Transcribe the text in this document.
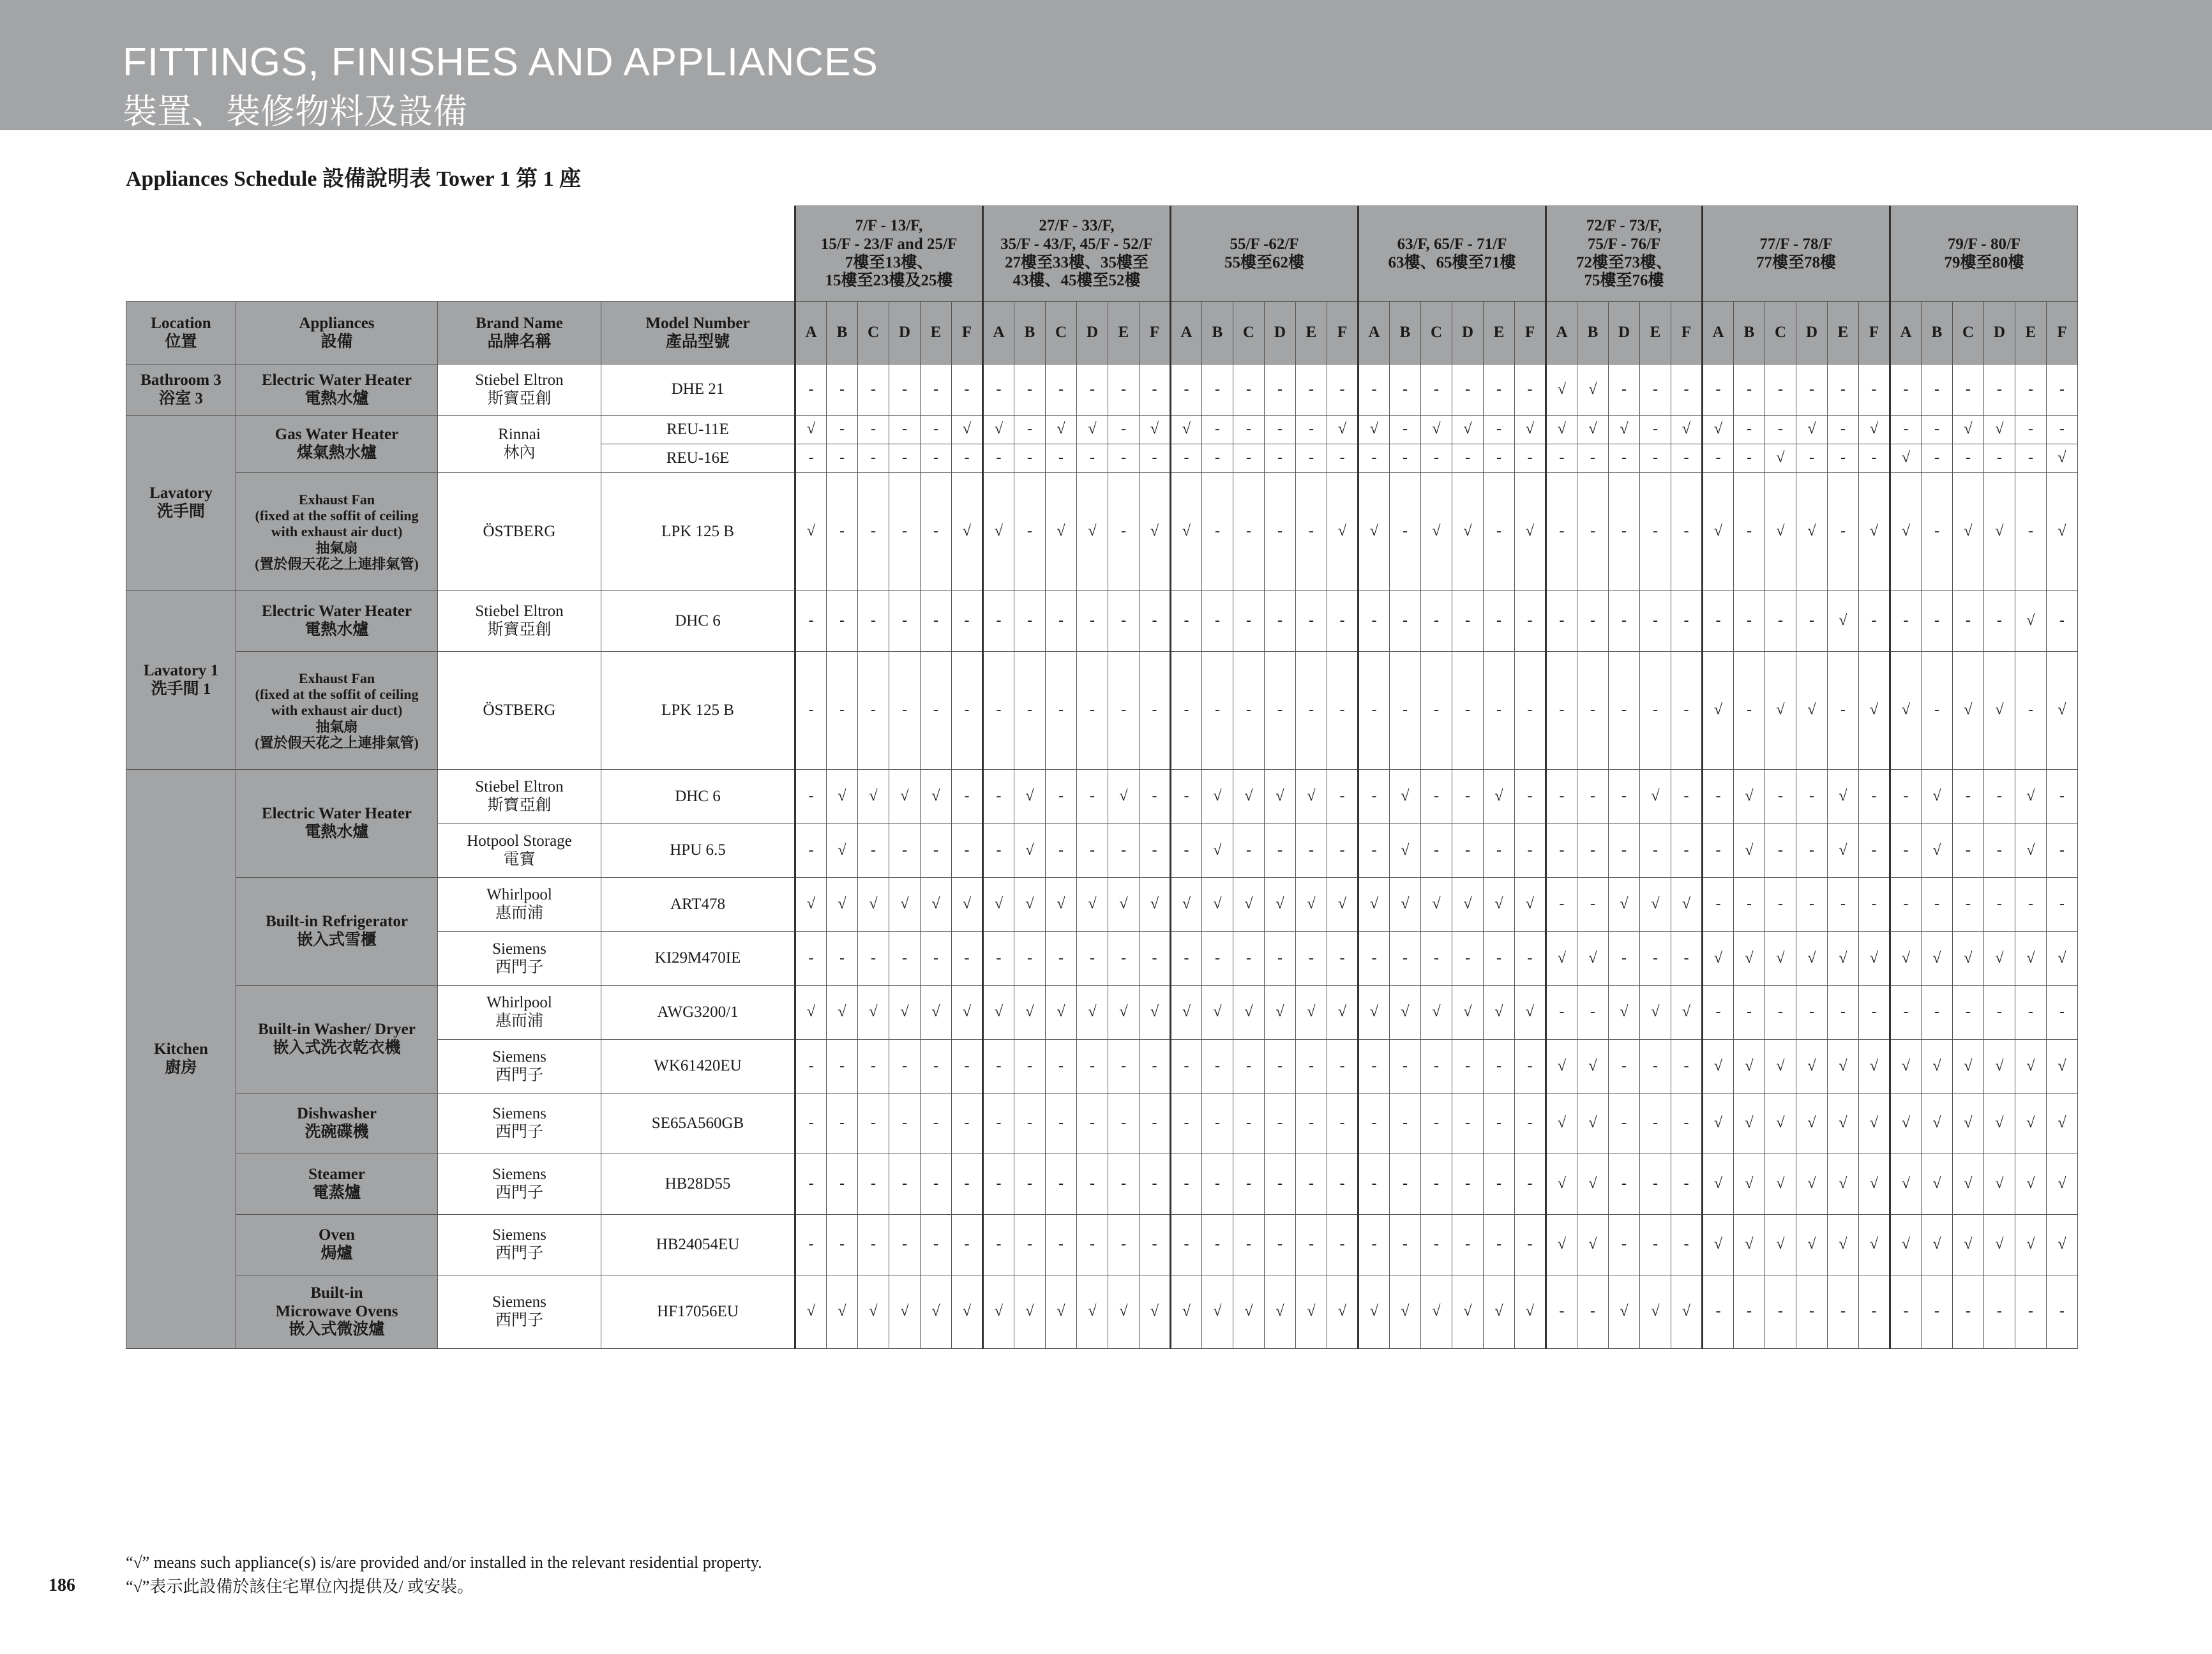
FITTINGS, FINISHES AND APPLIANCES
裝置、裝修物料及設備
Appliances Schedule 設備說明表 Tower 1 第 1 座

				7/F - 13/F,
15/F - 23/F and 25/F
7樓至13樓、
15樓至23樓及25樓						27/F - 33/F,
35/F - 43/F, 45/F - 52/F
27樓至33樓、35樓至
43樓、45樓至52樓						55/F -62/F
55樓至62樓						63/F, 65/F - 71/F
63樓、65樓至71樓						72/F - 73/F,
75/F - 76/F
72樓至73樓、
75樓至76樓					77/F - 78/F
77樓至78樓						79/F - 80/F
79樓至80樓					

Location
位置	Appliances
設備	Brand Name
品牌名稱	Model Number
產品型號	A	B	C	D	E	F	A	B	C	D	E	F	A	B	C	D	E	F	A	B	C	D	E	F	A	B	D	E	F	A	B	C	D	E	F	A	B	C	D	E	F

Bathroom 3
浴室 3	Electric Water Heater
電熱水爐	Stiebel Eltron
斯寶亞創	DHE 21	-	-	-	-	-	-	-	-	-	-	-	-	-	-	-	-	-	-	-	-	-	-	-	-	√	√	-	-	-	-	-	-	-	-	-	-	-	-	-	-	-

Lavatory
洗手間	Gas Water Heater
煤氣熱水爐	Rinnai
林內	REU-11E	√	-	-	-	-	√	√	-	√	√	-	√	√	-	-	-	-	√	√	-	√	√	-	√	√	√	√	-	√	√	-	-	√	-	√	-	-	√	√	-	-
			REU-16E	-	-	-	-	-	-	-	-	-	-	-	-	-	-	-	-	-	-	-	-	-	-	-	-	-	-	-	-	-	-	-	√	-	-	-	√	-	-	-	-	√

	Exhaust Fan
(fixed at the soffit of ceiling
with exhaust air duct)
抽氣扇
(置於假天花之上連排氣管)	ÖSTBERG	LPK 125 B	√	-	-	-	-	√	√	-	√	√	-	√	√	-	-	-	-	√	√	-	√	√	-	√	-	-	-	-	-	√	-	√	√	-	√	√	-	√	√	-	√

Lavatory 1
洗手間 1	Electric Water Heater
電熱水爐	Stiebel Eltron
斯寶亞創	DHC 6	-	-	-	-	-	-	-	-	-	-	-	-	-	-	-	-	-	-	-	-	-	-	-	-	-	-	-	-	-	-	-	-	-	√	-	-	-	-	-	√	-

	Exhaust Fan
(fixed at the soffit of ceiling
with exhaust air duct)
抽氣扇
(置於假天花之上連排氣管)	ÖSTBERG	LPK 125 B	-	-	-	-	-	-	-	-	-	-	-	-	-	-	-	-	-	-	-	-	-	-	-	-	-	-	-	-	-	√	-	√	√	-	√	√	-	√	√	-	√

Kitchen
廚房	Electric Water Heater
電熱水爐	Stiebel Eltron
斯寶亞創	DHC 6	-	√	√	√	√	-	-	√	-	-	√	-	-	√	√	√	√	-	-	√	-	-	√	-	-	-	-	√	-	-	√	-	-	√	-	-	√	-	-	√	-

		Hotpool Storage
電寶	HPU 6.5	-	√	-	-	-	-	-	√	-	-	-	-	-	√	-	-	-	-	-	√	-	-	-	-	-	-	-	-	-	-	√	-	-	√	-	-	√	-	-	√	-

	Built-in Refrigerator
嵌入式雪櫃	Whirlpool
惠而浦	ART478	√	√	√	√	√	√	√	√	√	√	√	√	√	√	√	√	√	√	√	√	√	√	√	√	-	-	√	√	√	-	-	-	-	-	-	-	-	-	-	-	-

		Siemens
西門子	KI29M470IE	-	-	-	-	-	-	-	-	-	-	-	-	-	-	-	-	-	-	-	-	-	-	-	-	√	√	-	-	-	√	√	√	√	√	√	√	√	√	√	√	√

	Built-in Washer/ Dryer
嵌入式洗衣乾衣機	Whirlpool
惠而浦	AWG3200/1	√	√	√	√	√	√	√	√	√	√	√	√	√	√	√	√	√	√	√	√	√	√	√	√	-	-	√	√	√	-	-	-	-	-	-	-	-	-	-	-	-

		Siemens
西門子	WK61420EU	-	-	-	-	-	-	-	-	-	-	-	-	-	-	-	-	-	-	-	-	-	-	-	-	√	√	-	-	-	√	√	√	√	√	√	√	√	√	√	√	√

	Dishwasher
洗碗碟機	Siemens
西門子	SE65A560GB	-	-	-	-	-	-	-	-	-	-	-	-	-	-	-	-	-	-	-	-	-	-	-	-	√	√	-	-	-	√	√	√	√	√	√	√	√	√	√	√	√

	Steamer
電蒸爐	Siemens
西門子	HB28D55	-	-	-	-	-	-	-	-	-	-	-	-	-	-	-	-	-	-	-	-	-	-	-	-	√	√	-	-	-	√	√	√	√	√	√	√	√	√	√	√	√

	Oven
焗爐	Siemens
西門子	HB24054EU	-	-	-	-	-	-	-	-	-	-	-	-	-	-	-	-	-	-	-	-	-	-	-	-	√	√	-	-	-	√	√	√	√	√	√	√	√	√	√	√	√

	Built-in
Microwave Ovens
嵌入式微波爐	Siemens
西門子	HF17056EU	√	√	√	√	√	√	√	√	√	√	√	√	√	√	√	√	√	√	√	√	√	√	√	√	-	-	√	√	√	-	-	-	-	-	-	-	-	-	-	-	-
“√” means such appliance(s) is/are provided and/or installed in the relevant residential property.
“√”表示此設備於該住宅單位內提供及/ 或安裝。
186
